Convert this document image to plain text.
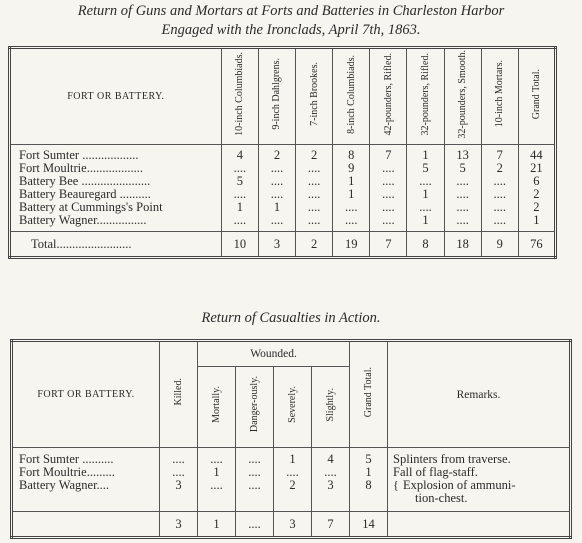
Return of Guns and Mortars at Forts and Batteries in Charleston Harbor
Engaged with the Ironclads, April 7th, 1863.
FORT OR BATTERY.	10-inch Columbiads.	9-inch Dahlgrens.	7-inch Brookes.	8-inch Columbiads.	42-pounders, Rifled.	32-pounders, Rifled.	32-pounders, Smooth.	10-inch Mortars.	Grand Total.
Fort Sumter ..................	4	2	2	8	7	1	13	7	44
Fort Moultrie..................	....	....	....	9	....	5	5	2	21
Battery Bee ......................	5	....	....	1	....	....	....	....	6
Battery Beauregard ..........	....	....	....	1	....	1	....	....	2
Battery at Cummings's Point	1	1	....	....	....	....	....	....	2
Battery Wagner................	....	....	....	....	....	1	....	....	1
Total........................	10	3	2	19	7	8	18	9	76
Return of Casualties in Action.
FORT OR BATTERY.	Killed.	Wounded.				Grand Total.	Remarks.
		Mortally.	Danger-ously.	Severely.	Slightly.		
Fort Sumter ..........	....	....	....	1	4	5	Splinters from traverse.

Fort Moultrie.........	....	1	....	....	....	1	Fall of flag-staff.

Battery Wagner....	3	....	....	2	3	8	{ Explosion of ammuni-
tion-chest.

	3	1	....	3	7	14	
